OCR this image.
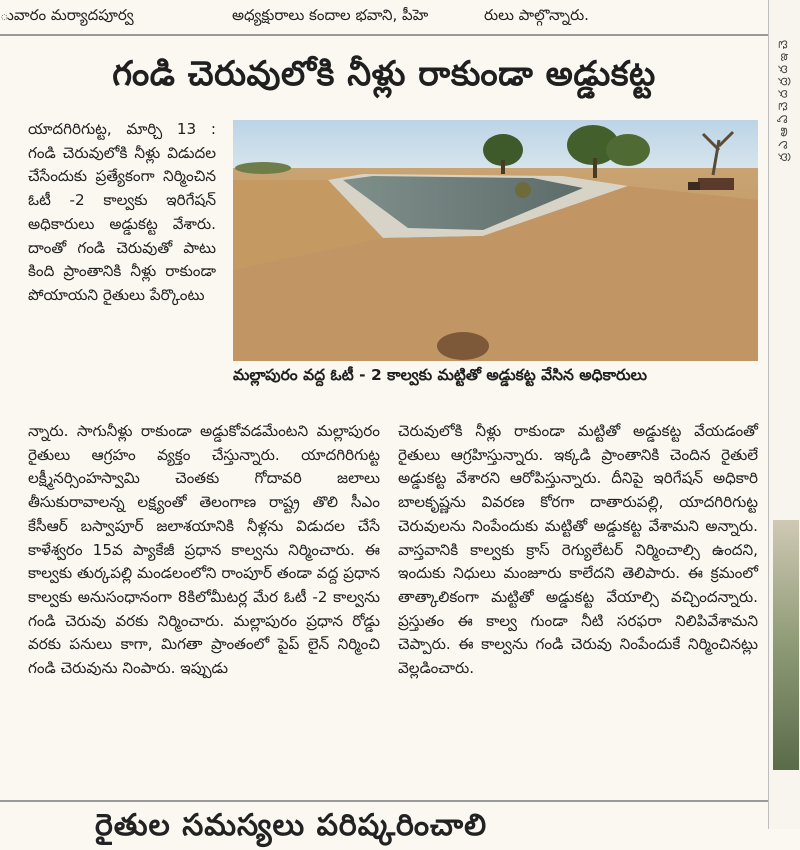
ువారం మర్యాదపూర్వ	అధ్యక్షురాలు కందాల భవాని, పీహె	రులు పాల్గొన్నారు.
గండి చెరువులోకి నీళ్లు రాకుండా అడ్డుకట్ట

యాదగిరిగుట్ట, మార్చి 13 : గండి చెరువులోకి నీళ్లు విడుదల చేసేందుకు ప్రత్యేకంగా నిర్మించిన ఓటీ -2 కాల్వకు ఇరిగేషన్ అధికారులు అడ్డుకట్ట వేశారు. దాంతో గండి చెరువుతో పాటు కింది ప్రాంతానికి నీళ్లు రాకుండా పోయాయని రైతులు పేర్కొంటు

మల్లాపురం వద్ద ఓటీ - 2 కాల్వకు మట్టితో అడ్డుకట్ట వేసిన అధికారులు

న్నారు. సాగునీళ్లు రాకుండా అడ్డుకోవడమేంటని మల్లాపురం రైతులు ఆగ్రహం వ్యక్తం చేస్తున్నారు. యాదగిరిగుట్ట లక్ష్మీనర్సింహస్వామి చెంతకు గోదావరి జలాలు తీసుకురావాలన్న లక్ష్యంతో తెలంగాణ రాష్ట్ర తొలి సీఎం కేసీఆర్ బస్వాపూర్ జలాశయానికి నీళ్లను విడుదల చేసే కాళేశ్వరం 15వ ప్యాకేజీ ప్రధాన కాల్వను నిర్మించారు. ఈ కాల్వకు తుర్కపల్లి మండలంలోని రాంపూర్ తండా వద్ద ప్రధాన కాల్వకు అనుసంధానంగా 8కిలోమీటర్ల మేర ఓటీ -2 కాల్వను గండి చెరువు వరకు నిర్మించారు. మల్లాపురం ప్రధాన రోడ్డు వరకు పనులు కాగా, మిగతా ప్రాంతంలో పైప్ లైన్ నిర్మించి గండి చెరువును నింపారు. ఇప్పుడు

చెరువులోకి నీళ్లు రాకుండా మట్టితో అడ్డుకట్ట వేయడంతో రైతులు ఆగ్రహిస్తున్నారు. ఇక్కడి ప్రాంతానికి చెందిన రైతులే అడ్డుకట్ట వేశారని ఆరోపిస్తున్నారు. దీనిపై ఇరిగేషన్ అధికారి బాలకృష్ణను వివరణ కోరగా దాతారుపల్లి, యాదగిరిగుట్ట చెరువులను నింపేందుకు మట్టితో అడ్డుకట్ట వేశామని అన్నారు. వాస్తవానికి కాల్వకు క్రాస్ రెగ్యులేటర్ నిర్మించాల్సి ఉందని, ఇందుకు నిధులు మంజూరు కాలేదని తెలిపారు. ఈ క్రమంలో తాత్కాలికంగా మట్టితో అడ్డుకట్ట వేయాల్సి వచ్చిందన్నారు. ప్రస్తుతం ఈ కాల్వ గుండా నీటి సరఫరా నిలిపివేశామని చెప్పారు. ఈ కాల్వను గండి చెరువు నింపేందుకే నిర్మించినట్లు వెల్లడించారు.

రైతుల సమస్యలు పరిష్కరించాలి
ద్ర ఎ ఆ ఏ చె ద ద్ర ద ఇ చె
